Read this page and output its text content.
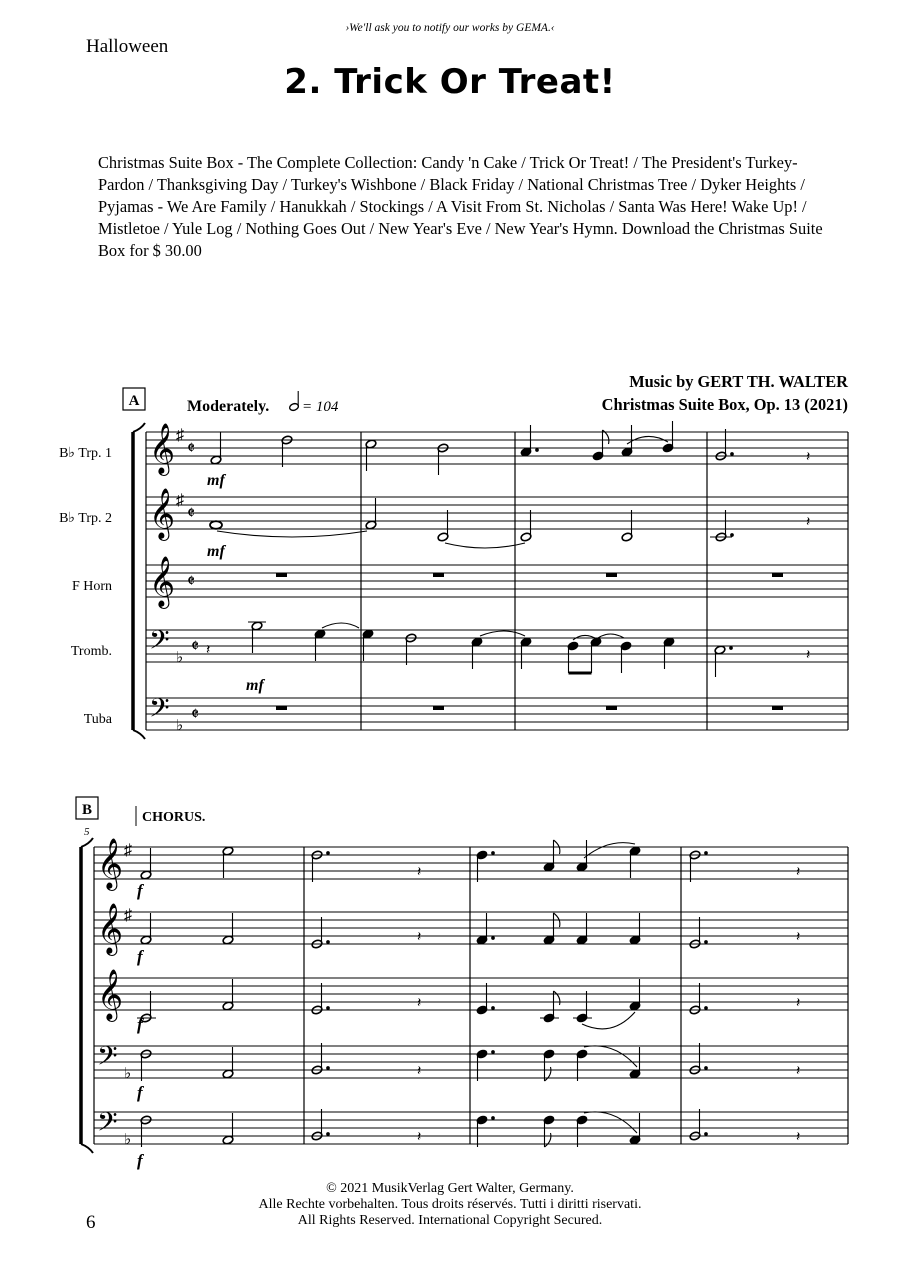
›We'll ask you to notify our works by GEMA.‹
Halloween
2. Trick Or Treat!
Christmas Suite Box - The Complete Collection: Candy 'n Cake / Trick Or Treat! / The President's Turkey-Pardon / Thanksgiving Day / Turkey's Wishbone / Black Friday / National Christmas Tree / Dyker Heights / Pyjamas - We Are Family / Hanukkah / Stockings / A Visit From St. Nicholas / Santa Was Here! Wake Up! / Mistletoe / Yule Log / Nothing Goes Out / New Year's Eve / New Year's Hymn. Download the Christmas Suite Box for $ 30.00
Music by GERT TH. WALTER
Christmas Suite Box, Op. 13 (2021)
A	Moderately. = 104
B♭ Trp. 1
B♭ Trp. 2
F Horn
Tromb.
Tuba
𝄞
𝄞
𝄞
𝄢
𝄢
♯
♯
♭
♭
𝄵
𝄵
𝄵
𝄵
𝄵
𝄽
mf
𝄽
mf
𝄽	𝄽
mf
B	CHORUS.
5
𝄞
𝄞
𝄞
𝄢
𝄢
♯
♯
♭
♭
𝄽	𝄽
f
𝄽	𝄽
f
𝄽	𝄽
f
𝄽	𝄽
f
𝄽	𝄽
f
© 2021 MusikVerlag Gert Walter, Germany.
Alle Rechte vorbehalten. Tous droits réservés. Tutti i diritti riservati.
All Rights Reserved. International Copyright Secured.
6
